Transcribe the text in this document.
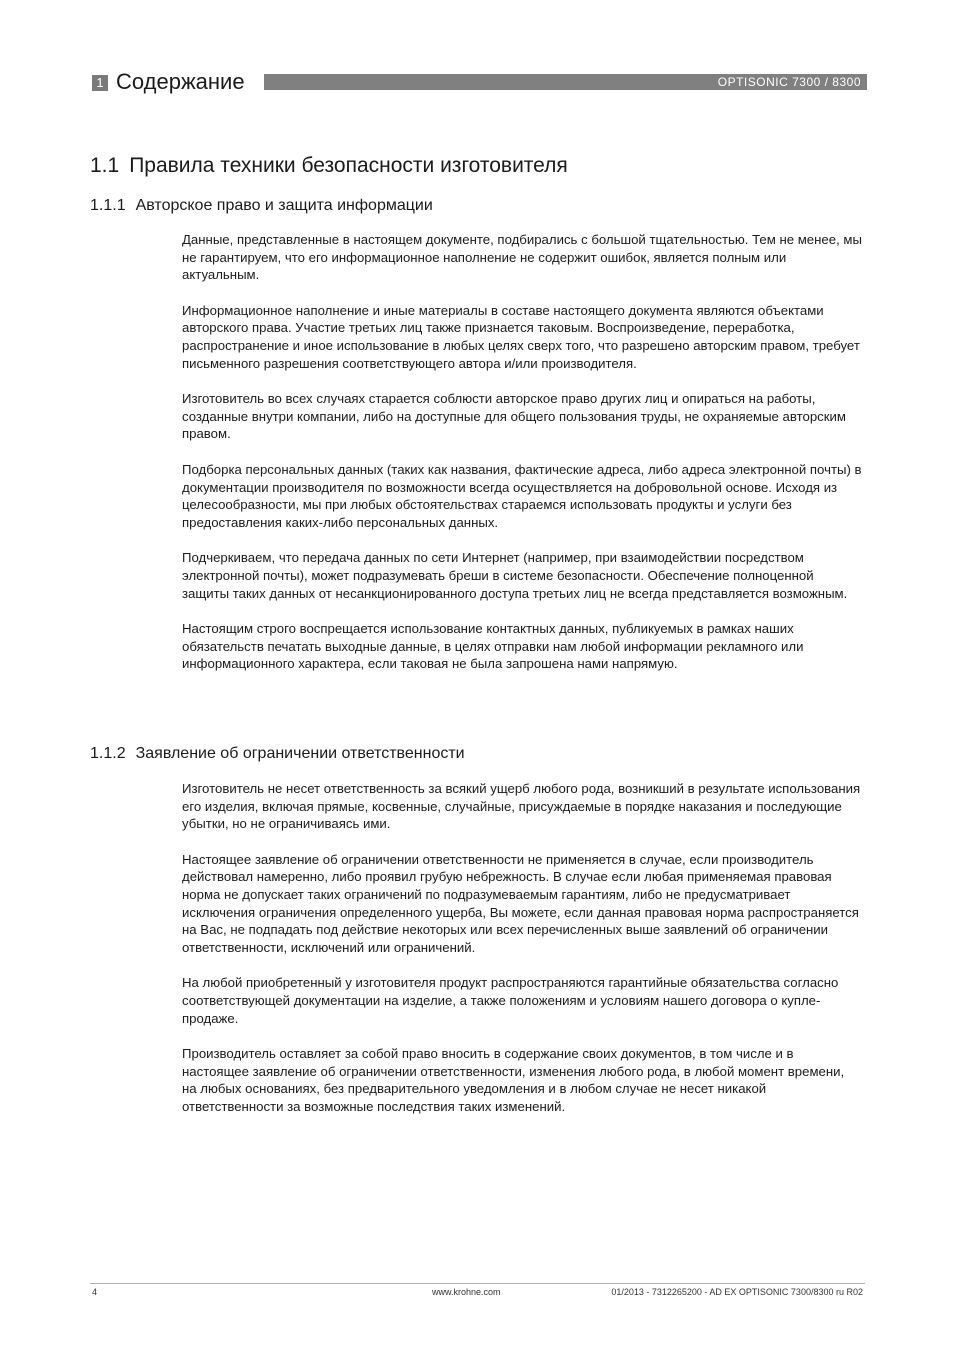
1 Содержание	OPTISONIC 7300 / 8300
1.1 Правила техники безопасности изготовителя
1.1.1 Авторское право и защита информации

Данные, представленные в настоящем документе, подбирались с большой тщательностью. Тем не менее, мы не гарантируем, что его информационное наполнение не содержит ошибок, является полным или актуальным.

Информационное наполнение и иные материалы в составе настоящего документа являются объектами авторского права. Участие третьих лиц также признается таковым. Воспроизведение, переработка, распространение и иное использование в любых целях сверх того, что разрешено авторским правом, требует письменного разрешения соответствующего автора и/или производителя.

Изготовитель во всех случаях старается соблюсти авторское право других лиц и опираться на работы, созданные внутри компании, либо на доступные для общего пользования труды, не охраняемые авторским правом.

Подборка персональных данных (таких как названия, фактические адреса, либо адреса электронной почты) в документации производителя по возможности всегда осуществляется на добровольной основе. Исходя из целесообразности, мы при любых обстоятельствах стараемся использовать продукты и услуги без предоставления каких-либо персональных данных.

Подчеркиваем, что передача данных по сети Интернет (например, при взаимодействии посредством электронной почты), может подразумевать бреши в системе безопасности. Обеспечение полноценной защиты таких данных от несанкционированного доступа третьих лиц не всегда представляется возможным.

Настоящим строго воспрещается использование контактных данных, публикуемых в рамках наших обязательств печатать выходные данные, в целях отправки нам любой информации рекламного или информационного характера, если таковая не была запрошена нами напрямую.

1.1.2 Заявление об ограничении ответственности

Изготовитель не несет ответственность за всякий ущерб любого рода, возникший в результате использования его изделия, включая прямые, косвенные, случайные, присуждаемые в порядке наказания и последующие убытки, но не ограничиваясь ими.

Настоящее заявление об ограничении ответственности не применяется в случае, если производитель действовал намеренно, либо проявил грубую небрежность. В случае если любая применяемая правовая норма не допускает таких ограничений по подразумеваемым гарантиям, либо не предусматривает исключения ограничения определенного ущерба, Вы можете, если данная правовая норма распространяется на Вас, не подпадать под действие некоторых или всех перечисленных выше заявлений об ограничении ответственности, исключений или ограничений.

На любой приобретенный у изготовителя продукт распространяются гарантийные обязательства согласно соответствующей документации на изделие, а также положениям и условиям нашего договора о купле-продаже.

Производитель оставляет за собой право вносить в содержание своих документов, в том числе и в настоящее заявление об ограничении ответственности, изменения любого рода, в любой момент времени, на любых основаниях, без предварительного уведомления и в любом случае не несет никакой ответственности за возможные последствия таких изменений.

4	www.krohne.com	01/2013 - 7312265200 - AD EX OPTISONIC 7300/8300 ru R02
